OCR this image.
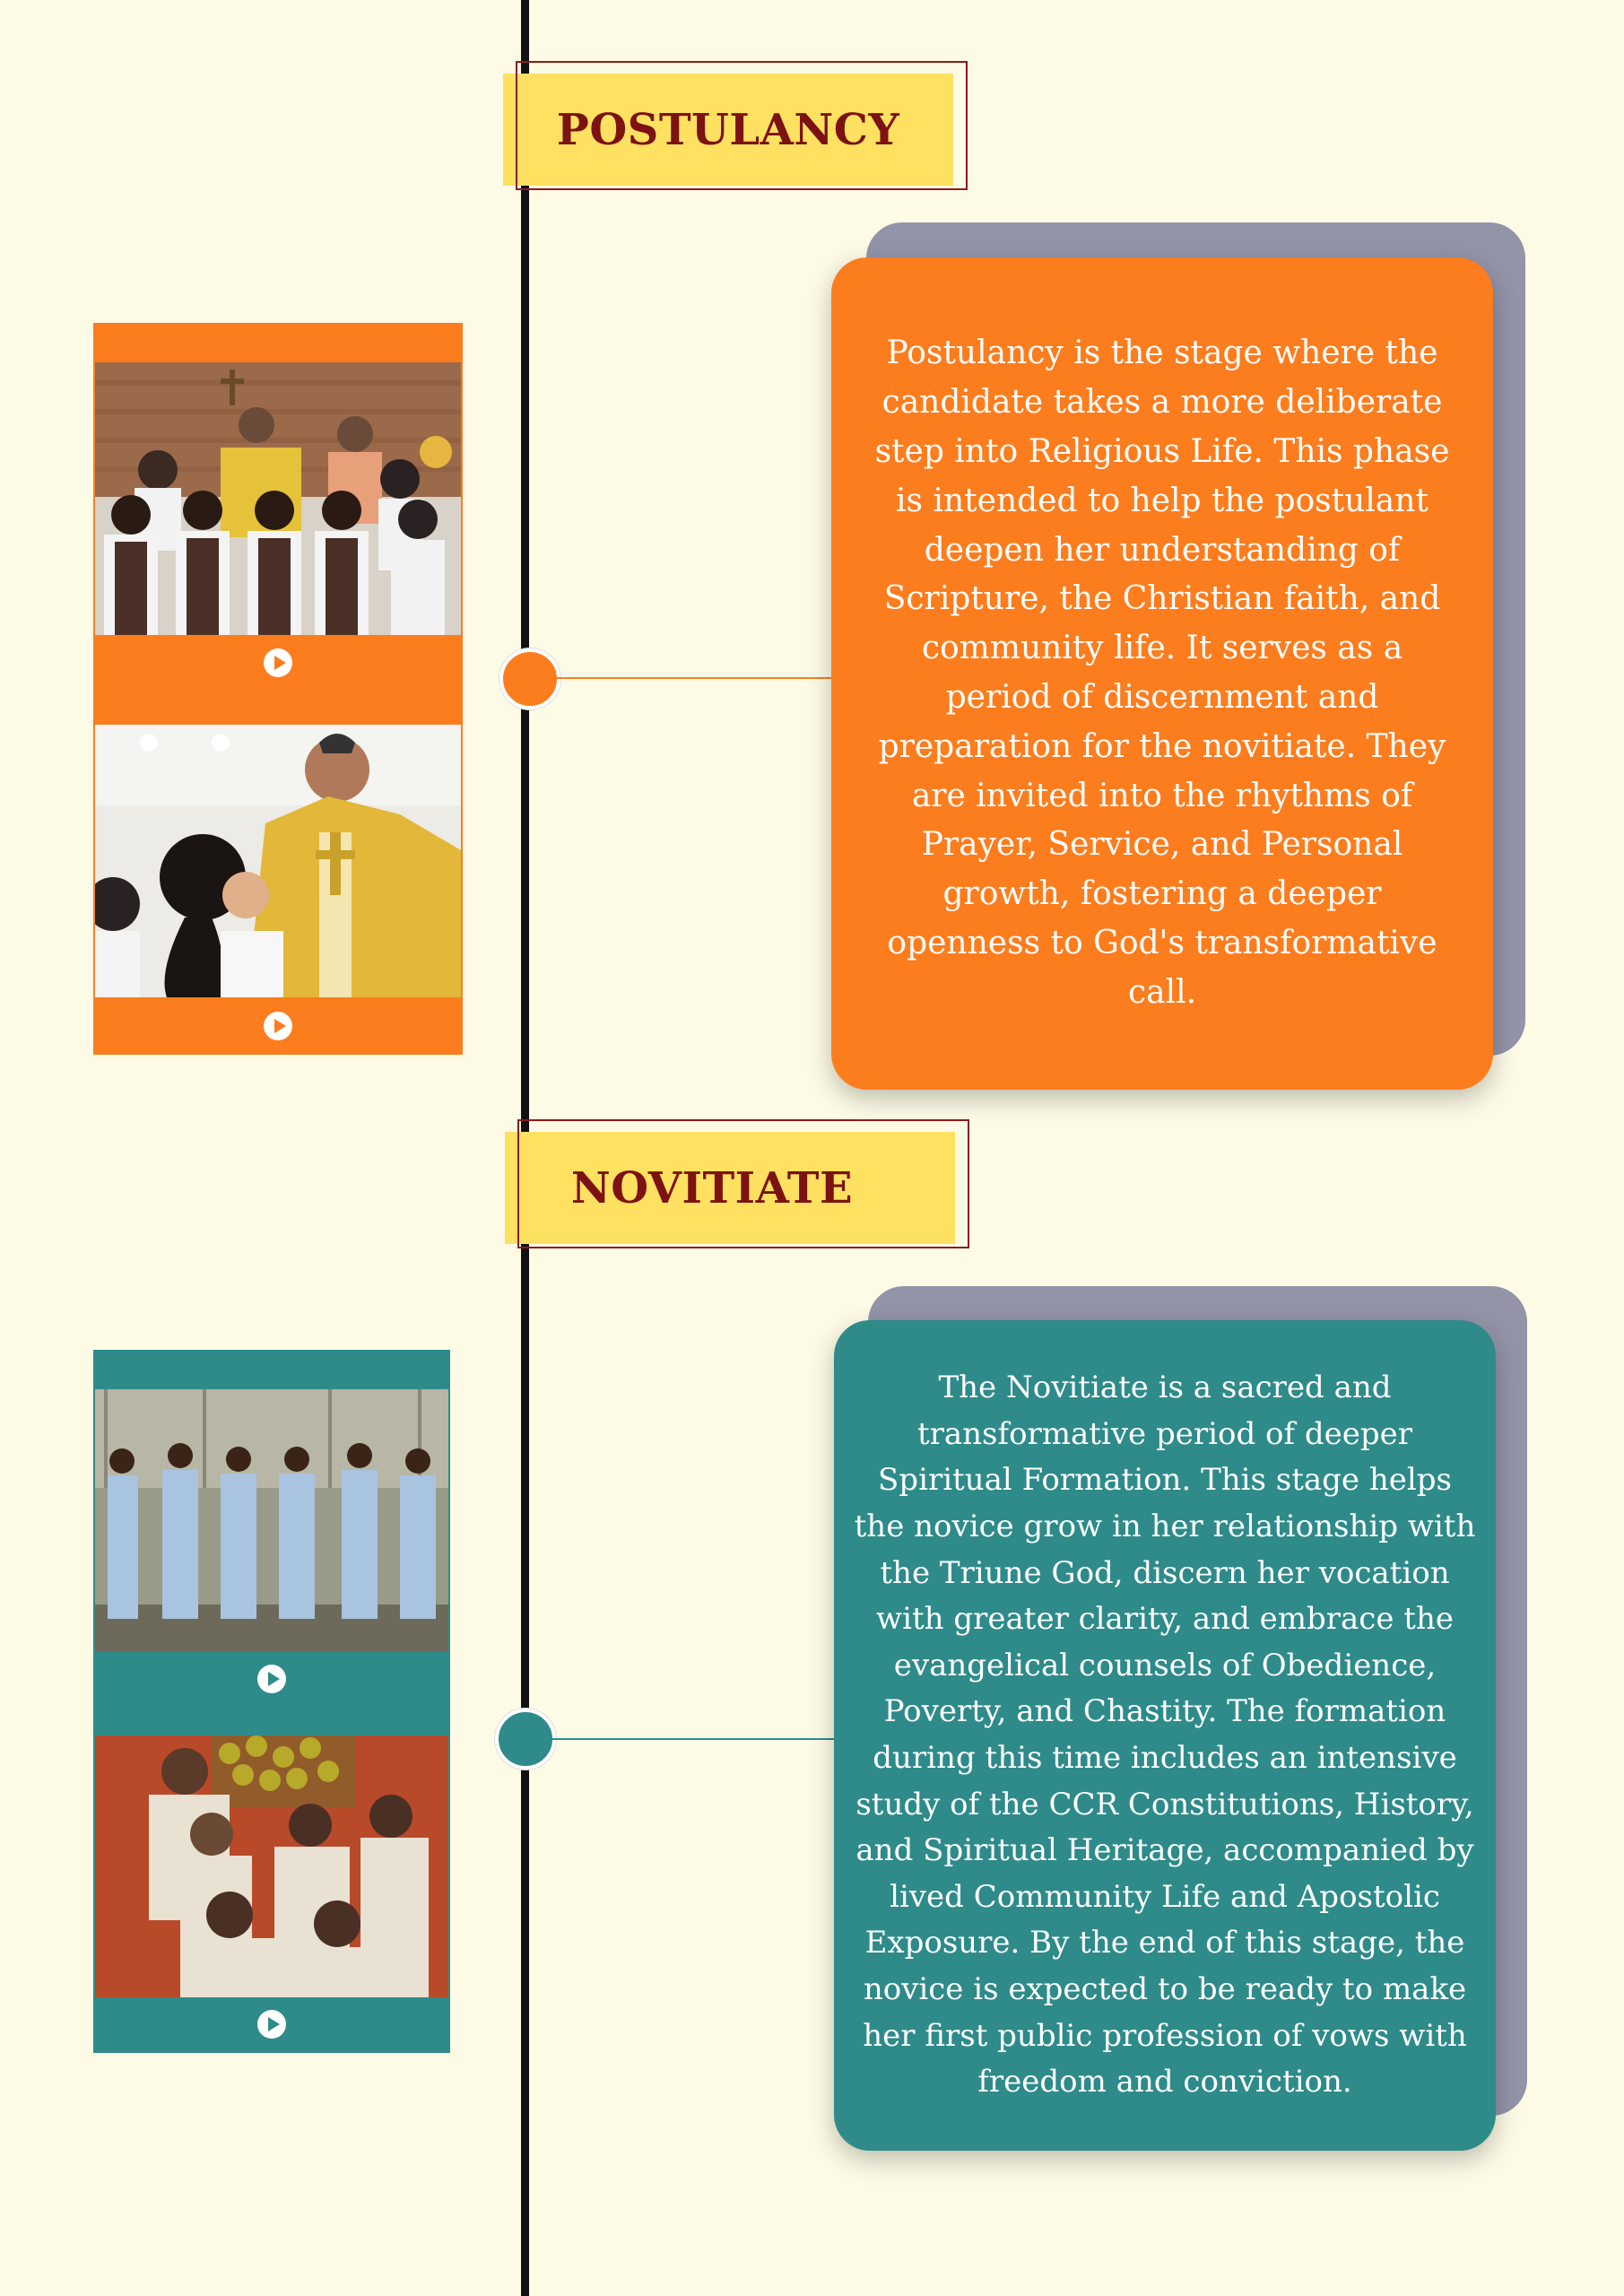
POSTULANCY

Postulancy is the stage where the candidate takes a more deliberate step into Religious Life. This phase is intended to help the postulant deepen her understanding of Scripture, the Christian faith, and community life. It serves as a period of discernment and preparation for the novitiate. They are invited into the rhythms of Prayer, Service, and Personal growth, fostering a deeper openness to God's transformative call.

NOVITIATE

The Novitiate is a sacred and transformative period of deeper Spiritual Formation. This stage helps the novice grow in her relationship with the Triune God, discern her vocation with greater clarity, and embrace the evangelical counsels of Obedience, Poverty, and Chastity. The formation during this time includes an intensive study of the CCR Constitutions, History, and Spiritual Heritage, accompanied by lived Community Life and Apostolic Exposure. By the end of this stage, the novice is expected to be ready to make her first public profession of vows with freedom and conviction.
